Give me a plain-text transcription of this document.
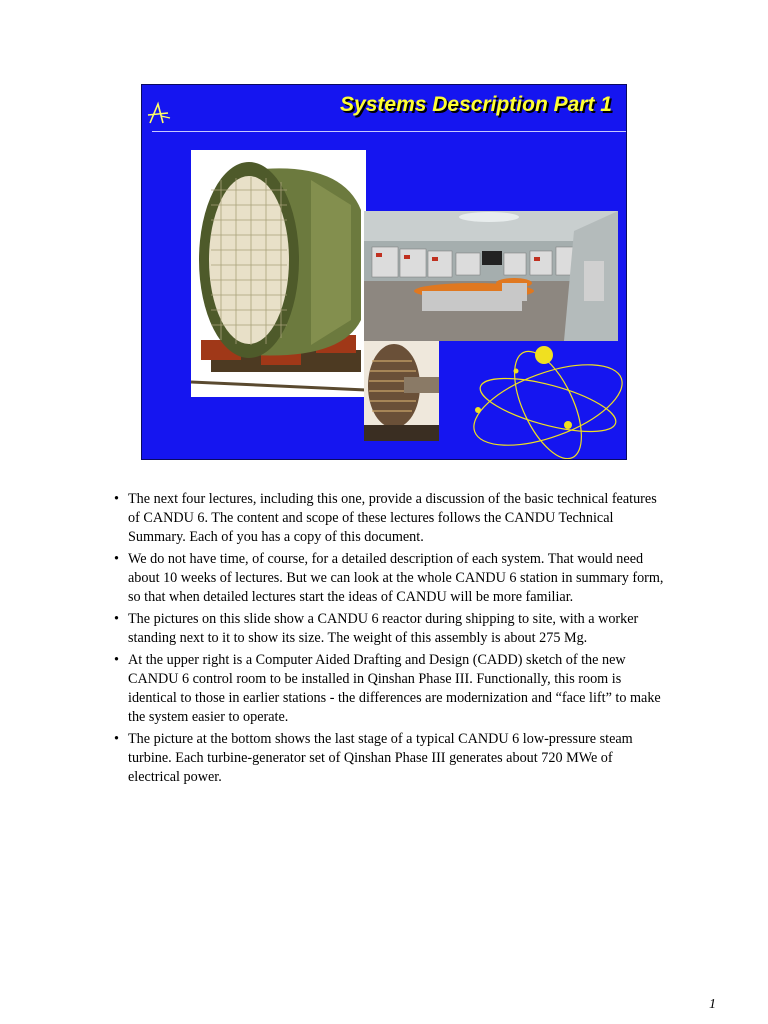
Systems Description Part 1
• The next four lectures, including this one, provide a discussion of the basic technical features of CANDU 6. The content and scope of these lectures follows the CANDU Technical Summary. Each of you has a copy of this document.
• We do not have time, of course, for a detailed description of each system. That would need about 10 weeks of lectures. But we can look at the whole CANDU 6 station in summary form, so that when detailed lectures start the ideas of CANDU will be more familiar.
• The pictures on this slide show a CANDU 6 reactor during shipping to site, with a worker standing next to it to show its size. The weight of this assembly is about 275 Mg.
• At the upper right is a Computer Aided Drafting and Design (CADD) sketch of the new CANDU 6 control room to be installed in Qinshan Phase III. Functionally, this room is identical to those in earlier stations - the differences are modernization and “face lift” to make the system easier to operate.
• The picture at the bottom shows the last stage of a typical CANDU 6 low-pressure steam turbine. Each turbine-generator set of Qinshan Phase III generates about 720 MWe of electrical power.
1
